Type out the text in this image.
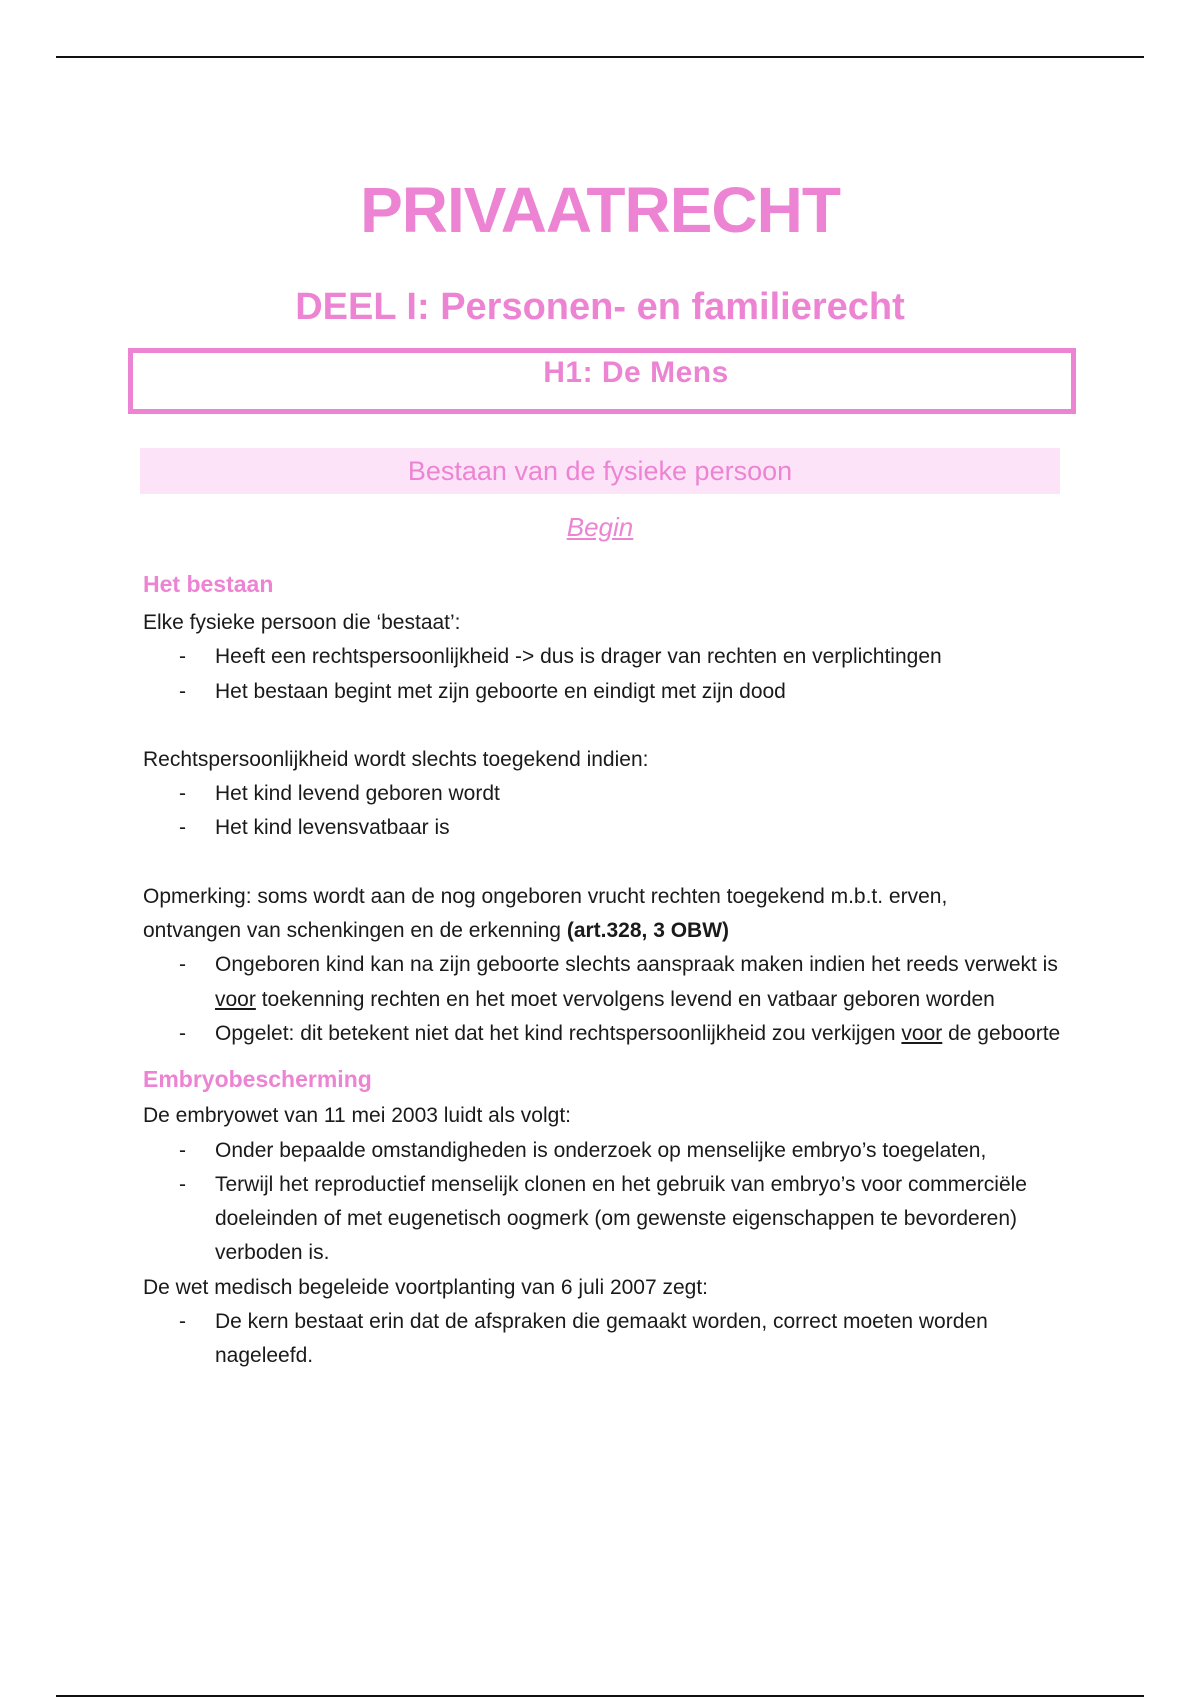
PRIVAATRECHT
DEEL I: Personen- en familierecht
H1: De Mens
Bestaan van de fysieke persoon
Begin
Het bestaan

Elke fysieke persoon die ‘bestaat’:

- Heeft een rechtspersoonlijkheid -> dus is drager van rechten en verplichtingen
- Het bestaan begint met zijn geboorte en eindigt met zijn dood

Rechtspersoonlijkheid wordt slechts toegekend indien:

- Het kind levend geboren wordt
- Het kind levensvatbaar is

Opmerking: soms wordt aan de nog ongeboren vrucht rechten toegekend m.b.t. erven,
ontvangen van schenkingen en de erkenning (art.328, 3 OBW)

- Ongeboren kind kan na zijn geboorte slechts aanspraak maken indien het reeds verwekt is voor toekenning rechten en het moet vervolgens levend en vatbaar geboren worden
- Opgelet: dit betekent niet dat het kind rechtspersoonlijkheid zou verkijgen voor de geboorte
Embryobescherming

De embryowet van 11 mei 2003 luidt als volgt:

- Onder bepaalde omstandigheden is onderzoek op menselijke embryo’s toegelaten,
- Terwijl het reproductief menselijk clonen en het gebruik van embryo’s voor commerciële doeleinden of met eugenetisch oogmerk (om gewenste eigenschappen te bevorderen) verboden is.

De wet medisch begeleide voortplanting van 6 juli 2007 zegt:

- De kern bestaat erin dat de afspraken die gemaakt worden, correct moeten worden nageleefd.
